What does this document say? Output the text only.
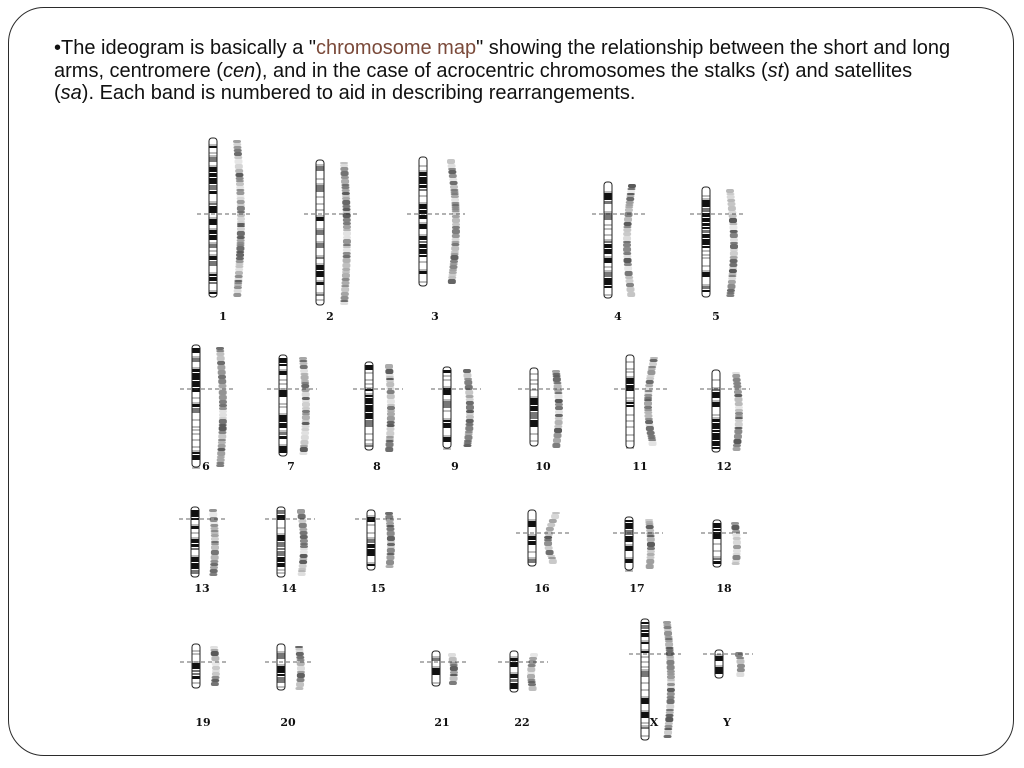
•The ideogram is basically a "chromosome map" showing the relationship between the short and long arms, centromere (cen), and in the case of acrocentric chromosomes the stalks (st) and satellites (sa). Each band is numbered to aid in describing rearrangements.
1	2	3	4	5
6	7	8	9	10	11	12
13	14	15	16	17	18
19	20	21	22	X	Y
